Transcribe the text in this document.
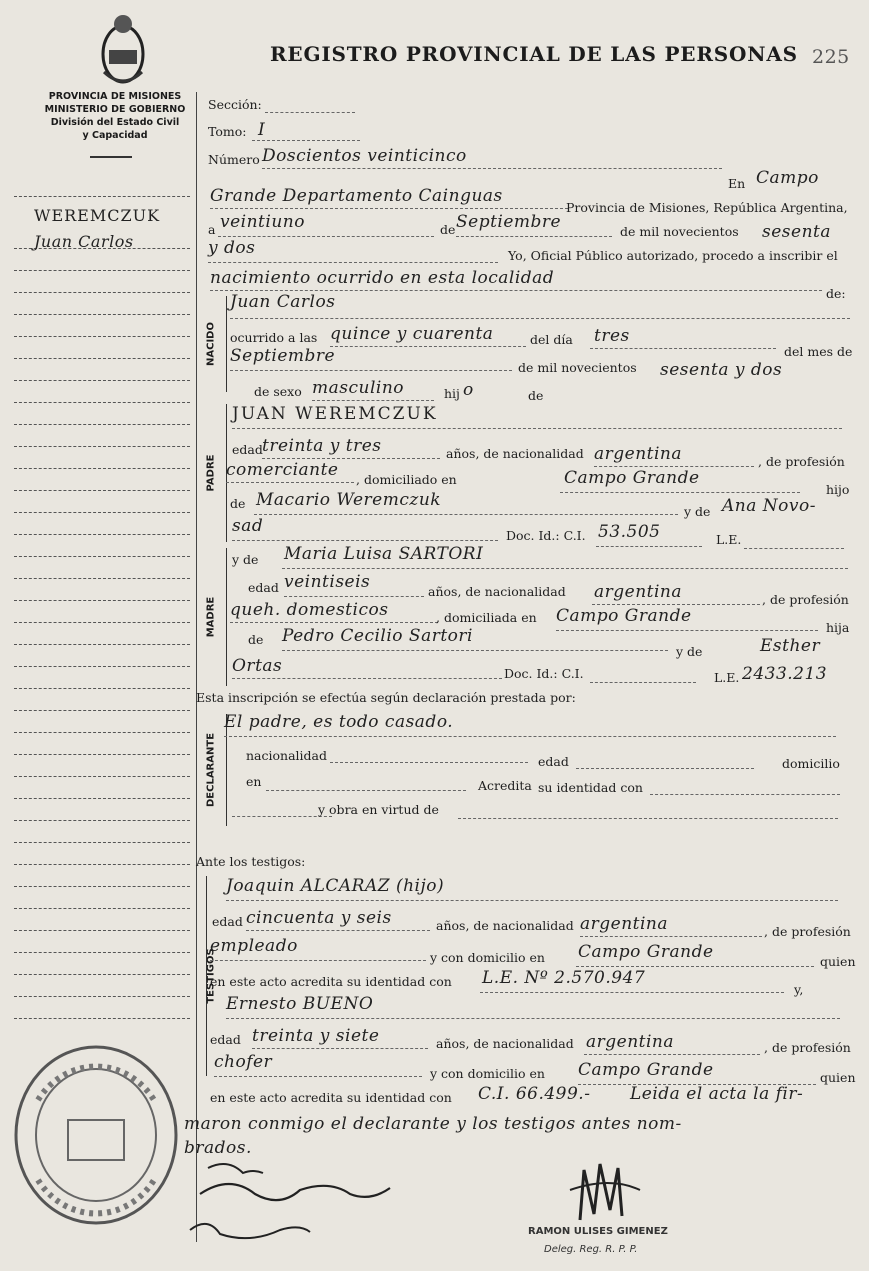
PROVINCIA DE MISIONES
MINISTERIO DE GOBIERNO
División del Estado Civil
y Capacidad
REGISTRO PROVINCIAL DE LAS PERSONAS 225
WEREMCZUK
Juan Carlos
Sección:
Tomo: I
Número Doscientos veinticinco
En Campo
Grande Departamento Cainguas
Provincia de Misiones, República Argentina,
a veintiuno	de Septiembre	de mil novecientos sesenta
y dos	Yo, Oficial Público autorizado, procedo a inscribir el
nacimiento ocurrido en esta localidad
de:
NACIDO
Juan Carlos
ocurrido a las quince y cuarenta	del día tres
del mes de
Septiembre
de mil novecientos sesenta y dos
de sexo masculino	hij o	de
PADRE
JUAN WEREMCZUK
edad treinta y tres	años, de nacionalidad argentina	, de profesión
comerciante , domiciliado en	Campo Grande
hijo
de Macario Weremczuk
y de Ana Novo-
sad	Doc. Id.: C.I. 53.505	L.E.
MADRE
y de Maria Luisa SARTORI
edad veintiseis	años, de nacionalidad argentina	, de profesión
queh. domesticos	, domiciliada en Campo Grande
hija
de Pedro Cecilio Sartori
y de	Esther
Ortas	Doc. Id.: C.I.	L.E. 2433.213
Esta inscripción se efectúa según declaración prestada por:
DECLARANTE
El padre, es todo casado.
nacionalidad	edad	domicilio
en	Acredita su identidad con
y obra en virtud de
Ante los testigos:
TESTIGOS
Joaquin ALCARAZ (hijo)
edad cincuenta y seis	años, de nacionalidad argentina	, de profesión
empleado
y con domicilio en Campo Grande	quien
en este acto acredita su identidad con L.E. Nº 2.570.947
y,
Ernesto BUENO
edad treinta y siete	años, de nacionalidad argentina	, de profesión
chofer
y con domicilio en Campo Grande	quien
en este acto acredita su identidad con C.I. 66.499.- Leida el acta la fir-
maron conmigo el declarante y los testigos antes nom-
brados.
RAMON ULISES GIMENEZ
Deleg. Reg. R. P. P.
